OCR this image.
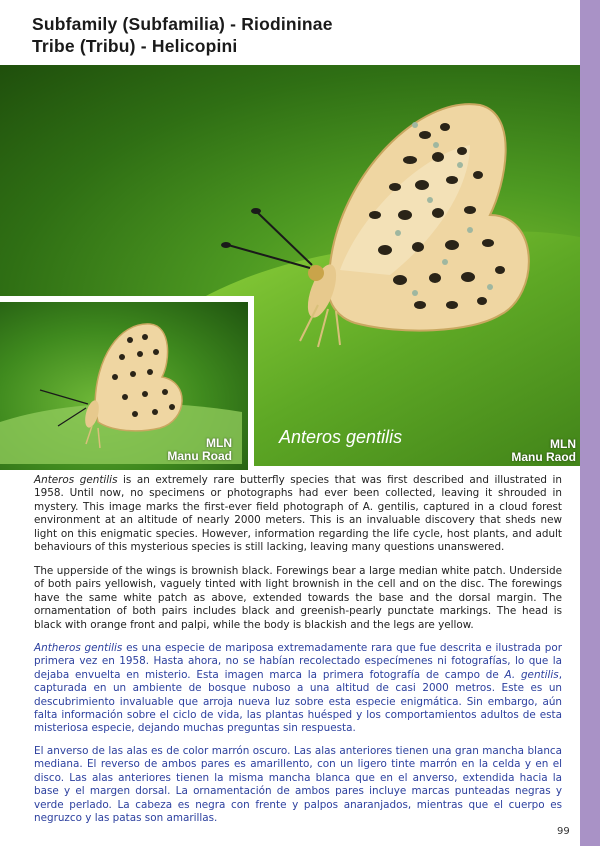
Subfamily (Subfamilia) - Riodininae
Tribe (Tribu) - Helicopini
MLN
Manu Road
Anteros gentilis	MLN
Manu Raod

Anteros gentilis is an extremely rare butterfly species that was first described and illustrated in 1958. Until now, no specimens or photographs had ever been collected, leaving it shrouded in mystery. This image marks the first-ever field photograph of A. gentilis, captured in a cloud forest environment at an altitude of nearly 2000 meters. This is an invaluable discovery that sheds new light on this enigmatic species. However, information regarding the life cycle, host plants, and adult behaviours of this mysterious species is still lacking, leaving many questions unanswered.

The upperside of the wings is brownish black. Forewings bear a large median white patch. Underside of both pairs yellowish, vaguely tinted with light brownish in the cell and on the disc. The forewings have the same white patch as above, extended towards the base and the dorsal margin. The ornamentation of both pairs includes black and greenish-pearly punctate markings. The head is black with orange front and palpi, while the body is blackish and the legs are yellow.

Antheros gentilis es una especie de mariposa extremadamente rara que fue descrita e ilustrada por primera vez en 1958. Hasta ahora, no se habían recolectado especímenes ni fotografías, lo que la dejaba envuelta en misterio. Esta imagen marca la primera fotografía de campo de A. gentilis, capturada en un ambiente de bosque nuboso a una altitud de casi 2000 metros. Este es un descubrimiento invaluable que arroja nueva luz sobre esta especie enigmática. Sin embargo, aún falta información sobre el ciclo de vida, las plantas huésped y los comportamientos adultos de esta misteriosa especie, dejando muchas preguntas sin respuesta.

El anverso de las alas es de color marrón oscuro. Las alas anteriores tienen una gran mancha blanca mediana. El reverso de ambos pares es amarillento, con un ligero tinte marrón en la celda y en el disco. Las alas anteriores tienen la misma mancha blanca que en el anverso, extendida hacia la base y el margen dorsal. La ornamentación de ambos pares incluye marcas punteadas negras y verde perlado. La cabeza es negra con frente y palpos anaranjados, mientras que el cuerpo es negruzco y las patas son amarillas.

99
